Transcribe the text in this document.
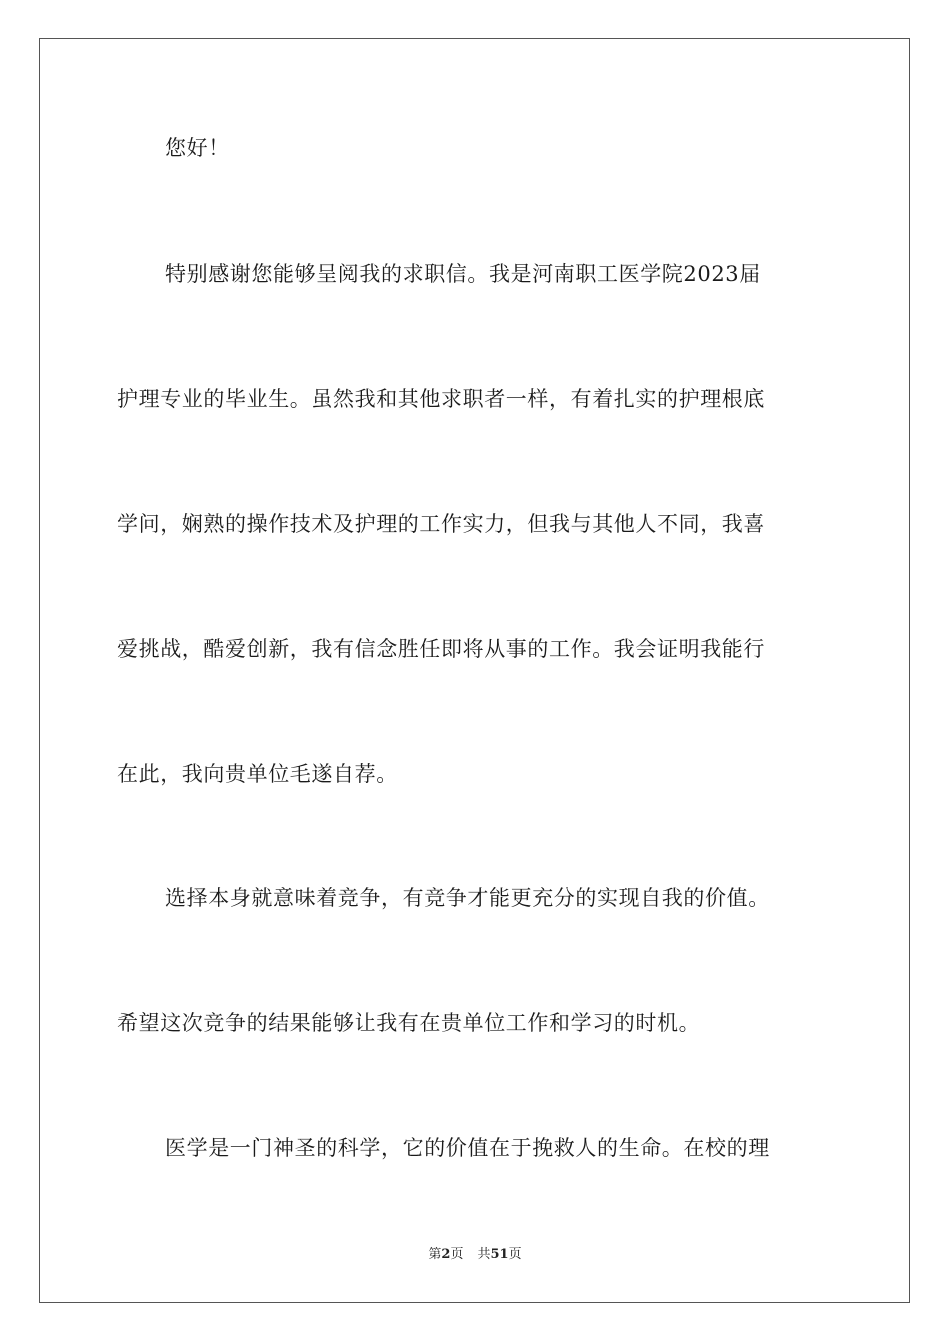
您好！
特别感谢您能够呈阅我的求职信。我是河南职工医学院2023届
护理专业的毕业生。虽然我和其他求职者一样，有着扎实的护理根底
学问，娴熟的操作技术及护理的工作实力，但我与其他人不同，我喜
爱挑战，酷爱创新，我有信念胜任即将从事的工作。我会证明我能行
在此，我向贵单位毛遂自荐。
选择本身就意味着竞争，有竞争才能更充分的实现自我的价值。
希望这次竞争的结果能够让我有在贵单位工作和学习的时机。
医学是一门神圣的科学，它的价值在于挽救人的生命。在校的理
第2页 共51页
